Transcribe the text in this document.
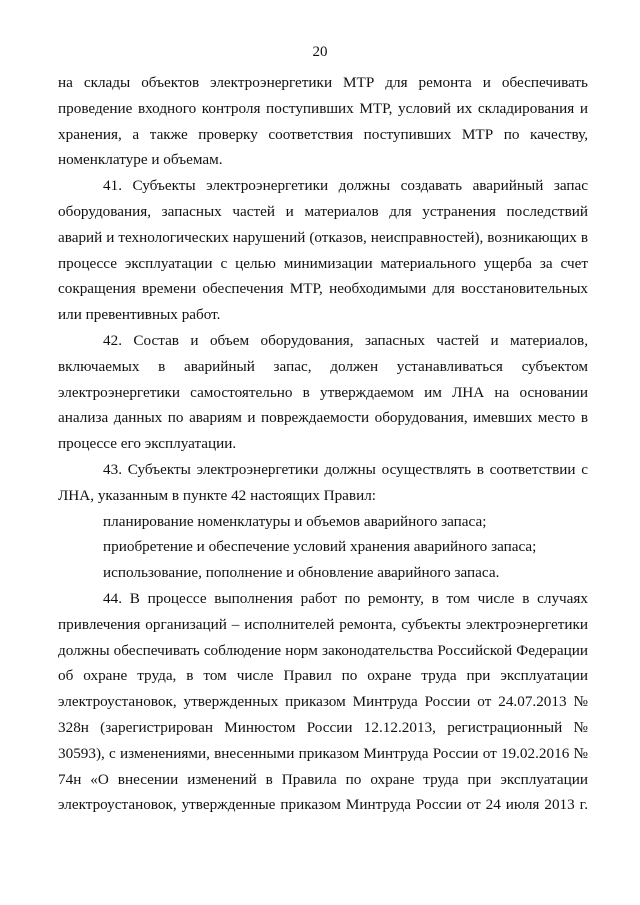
20

на склады объектов электроэнергетики МТР для ремонта и обеспечивать проведение входного контроля поступивших МТР, условий их складирования и хранения, а также проверку соответствия поступивших МТР по качеству, номенклатуре и объемам.

41. Субъекты электроэнергетики должны создавать аварийный запас оборудования, запасных частей и материалов для устранения последствий аварий и технологических нарушений (отказов, неисправностей), возникающих в процессе эксплуатации с целью минимизации материального ущерба за счет сокращения времени обеспечения МТР, необходимыми для восстановительных или превентивных работ.

42. Состав и объем оборудования, запасных частей и материалов, включаемых в аварийный запас, должен устанавливаться субъектом электроэнергетики самостоятельно в утверждаемом им ЛНА на основании анализа данных по авариям и повреждаемости оборудования, имевших место в процессе его эксплуатации.

43. Субъекты электроэнергетики должны осуществлять в соответствии с ЛНА, указанным в пункте 42 настоящих Правил:

планирование номенклатуры и объемов аварийного запаса;

приобретение и обеспечение условий хранения аварийного запаса;

использование, пополнение и обновление аварийного запаса.

44. В процессе выполнения работ по ремонту, в том числе в случаях привлечения организаций – исполнителей ремонта, субъекты электроэнергетики должны обеспечивать соблюдение норм законодательства Российской Федерации об охране труда, в том числе Правил по охране труда при эксплуатации электроустановок, утвержденных приказом Минтруда России от 24.07.2013 № 328н (зарегистрирован Минюстом России 12.12.2013, регистрационный № 30593), с изменениями, внесенными приказом Минтруда России от 19.02.2016 № 74н «О внесении изменений в Правила по охране труда при эксплуатации электроустановок, утвержденные приказом Минтруда России от 24 июля 2013 г.
